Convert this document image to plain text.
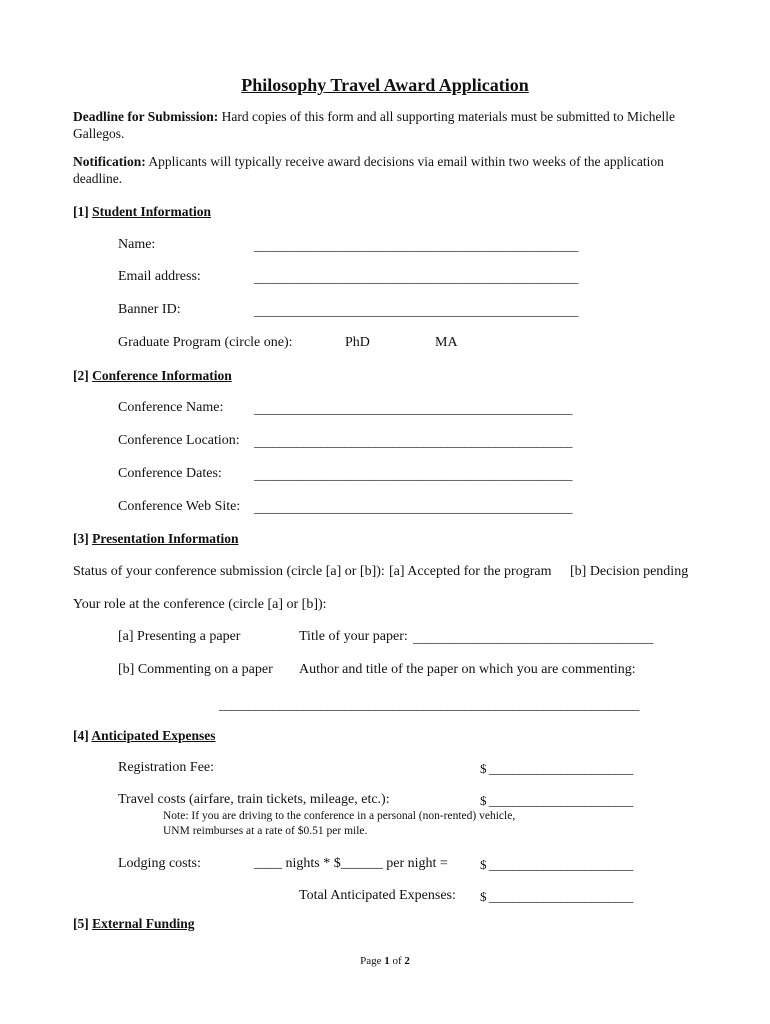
Philosophy Travel Award Application
Deadline for Submission: Hard copies of this form and all supporting materials must be submitted to Michelle Gallegos.
Notification: Applicants will typically receive award decisions via email within two weeks of the application deadline.
[1] Student Information
Name:	______________________________________________________
Email address:	______________________________________________________
Banner ID:	______________________________________________________
Graduate Program (circle one):	PhD	MA
[2] Conference Information
Conference Name: _____________________________________________________
Conference Location: _____________________________________________________
Conference Dates: _____________________________________________________
Conference Web Site: _____________________________________________________
[3] Presentation Information
Status of your conference submission (circle [a] or [b]): [a] Accepted for the program [b] Decision pending
Your role at the conference (circle [a] or [b]):
[a] Presenting a paper	Title of your paper: ________________________________________
[b] Commenting on a paper Author and title of the paper on which you are commenting:
______________________________________________________________________
[4] Anticipated Expenses
Registration Fee:	$ ________________________
Travel costs (airfare, train tickets, mileage, etc.):	$ ________________________
Note: If you are driving to the conference in a personal (non-rented) vehicle, UNM reimburses at a rate of $0.51 per mile.
Lodging costs:	____ nights * $______ per night = $ ________________________
Total Anticipated Expenses: $ ________________________
[5] External Funding
Page 1 of 2
